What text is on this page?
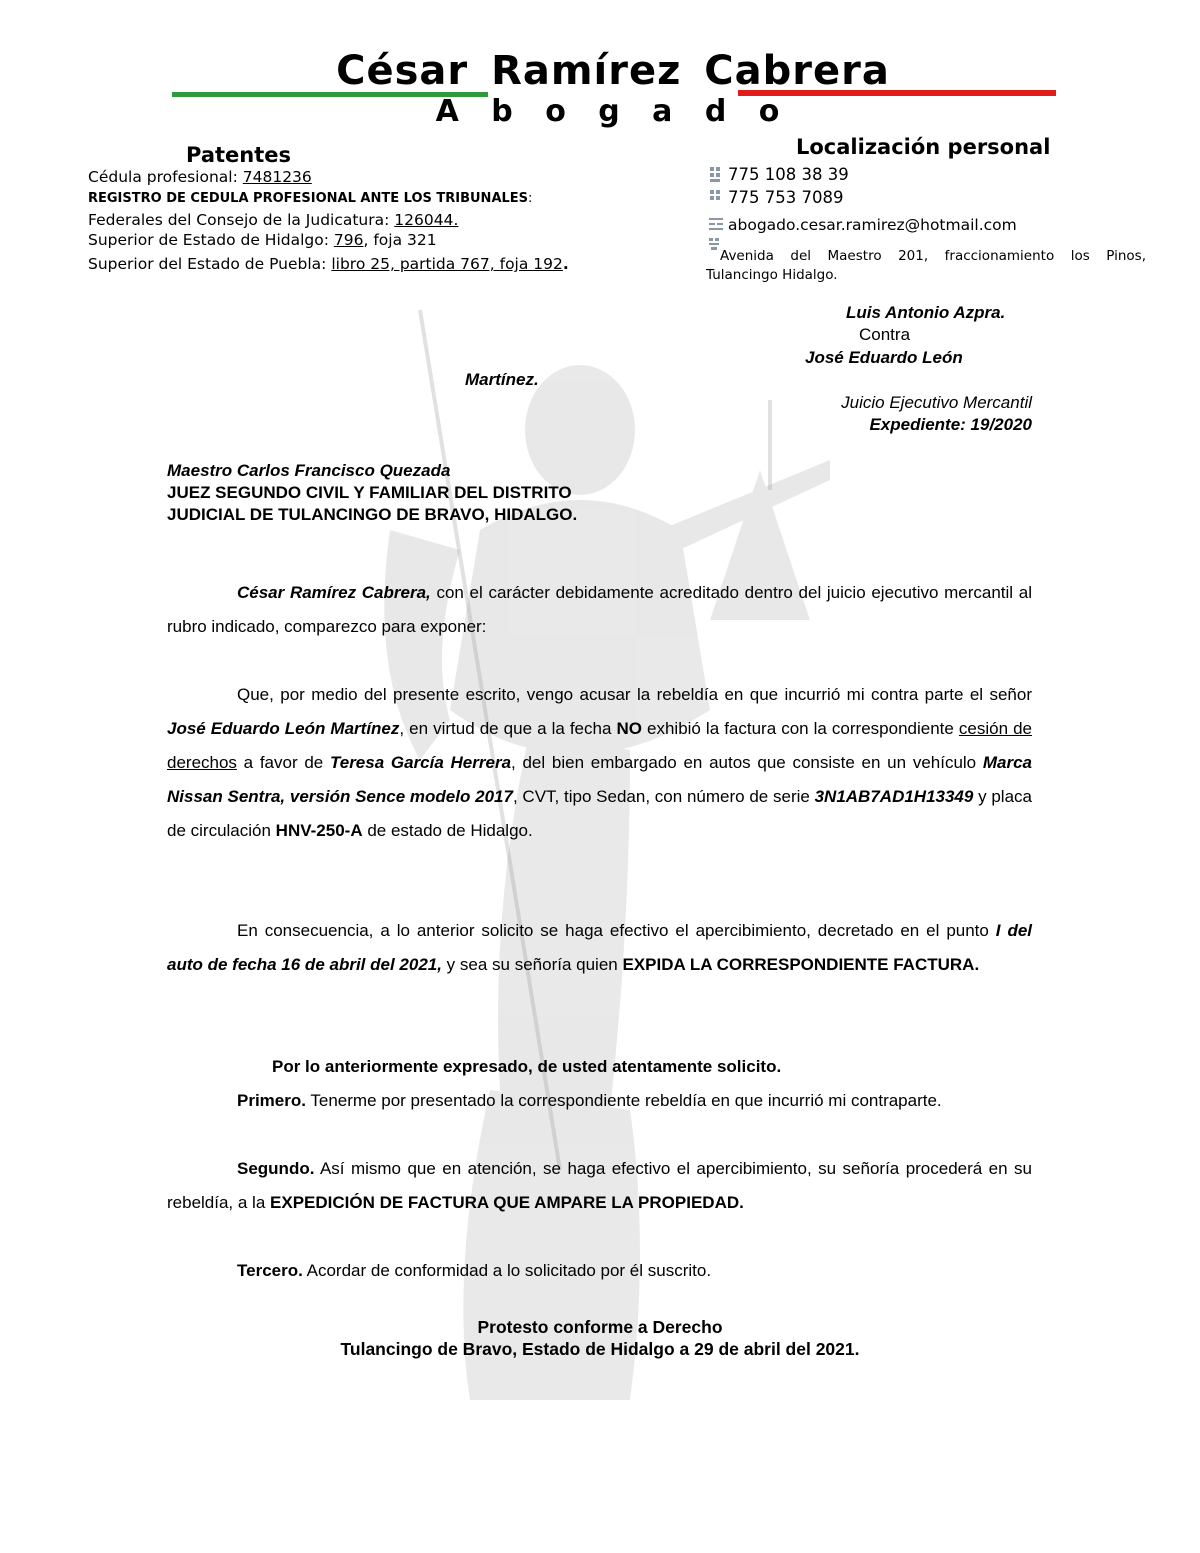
César Ramírez Cabrera
A b o g a d o
Patentes
Cédula profesional: 7481236
REGISTRO DE CEDULA PROFESIONAL ANTE LOS TRIBUNALES:
Federales del Consejo de la Judicatura: 126044.
Superior de Estado de Hidalgo: 796, foja 321
Superior del Estado de Puebla: libro 25, partida 767, foja 192.
Localización personal
775 108 38 39
775 753 7089
abogado.cesar.ramirez@hotmail.com
Avenida del Maestro 201, fraccionamiento los Pinos,
Tulancingo Hidalgo.
Luis Antonio Azpra.
Contra
José Eduardo León
Martínez.
Juicio Ejecutivo Mercantil
Expediente: 19/2020
Maestro Carlos Francisco Quezada
JUEZ SEGUNDO CIVIL Y FAMILIAR DEL DISTRITO
JUDICIAL DE TULANCINGO DE BRAVO, HIDALGO.

César Ramírez Cabrera, con el carácter debidamente acreditado dentro del juicio ejecutivo mercantil al rubro indicado, comparezco para exponer:

Que, por medio del presente escrito, vengo acusar la rebeldía en que incurrió mi contra parte el señor José Eduardo León Martínez, en virtud de que a la fecha NO exhibió la factura con la correspondiente cesión de derechos a favor de Teresa García Herrera, del bien embargado en autos que consiste en un vehículo Marca Nissan Sentra, versión Sence modelo 2017, CVT, tipo Sedan, con número de serie 3N1AB7AD1H13349 y placa de circulación HNV-250-A de estado de Hidalgo.

En consecuencia, a lo anterior solicito se haga efectivo el apercibimiento, decretado en el punto I del auto de fecha 16 de abril del 2021, y sea su señoría quien EXPIDA LA CORRESPONDIENTE FACTURA.

Por lo anteriormente expresado, de usted atentamente solicito.

Primero. Tenerme por presentado la correspondiente rebeldía en que incurrió mi contraparte.

Segundo. Así mismo que en atención, se haga efectivo el apercibimiento, su señoría procederá en su rebeldía, a la EXPEDICIÓN DE FACTURA QUE AMPARE LA PROPIEDAD.

Tercero. Acordar de conformidad a lo solicitado por él suscrito.

Protesto conforme a Derecho
Tulancingo de Bravo, Estado de Hidalgo a 29 de abril del 2021.
